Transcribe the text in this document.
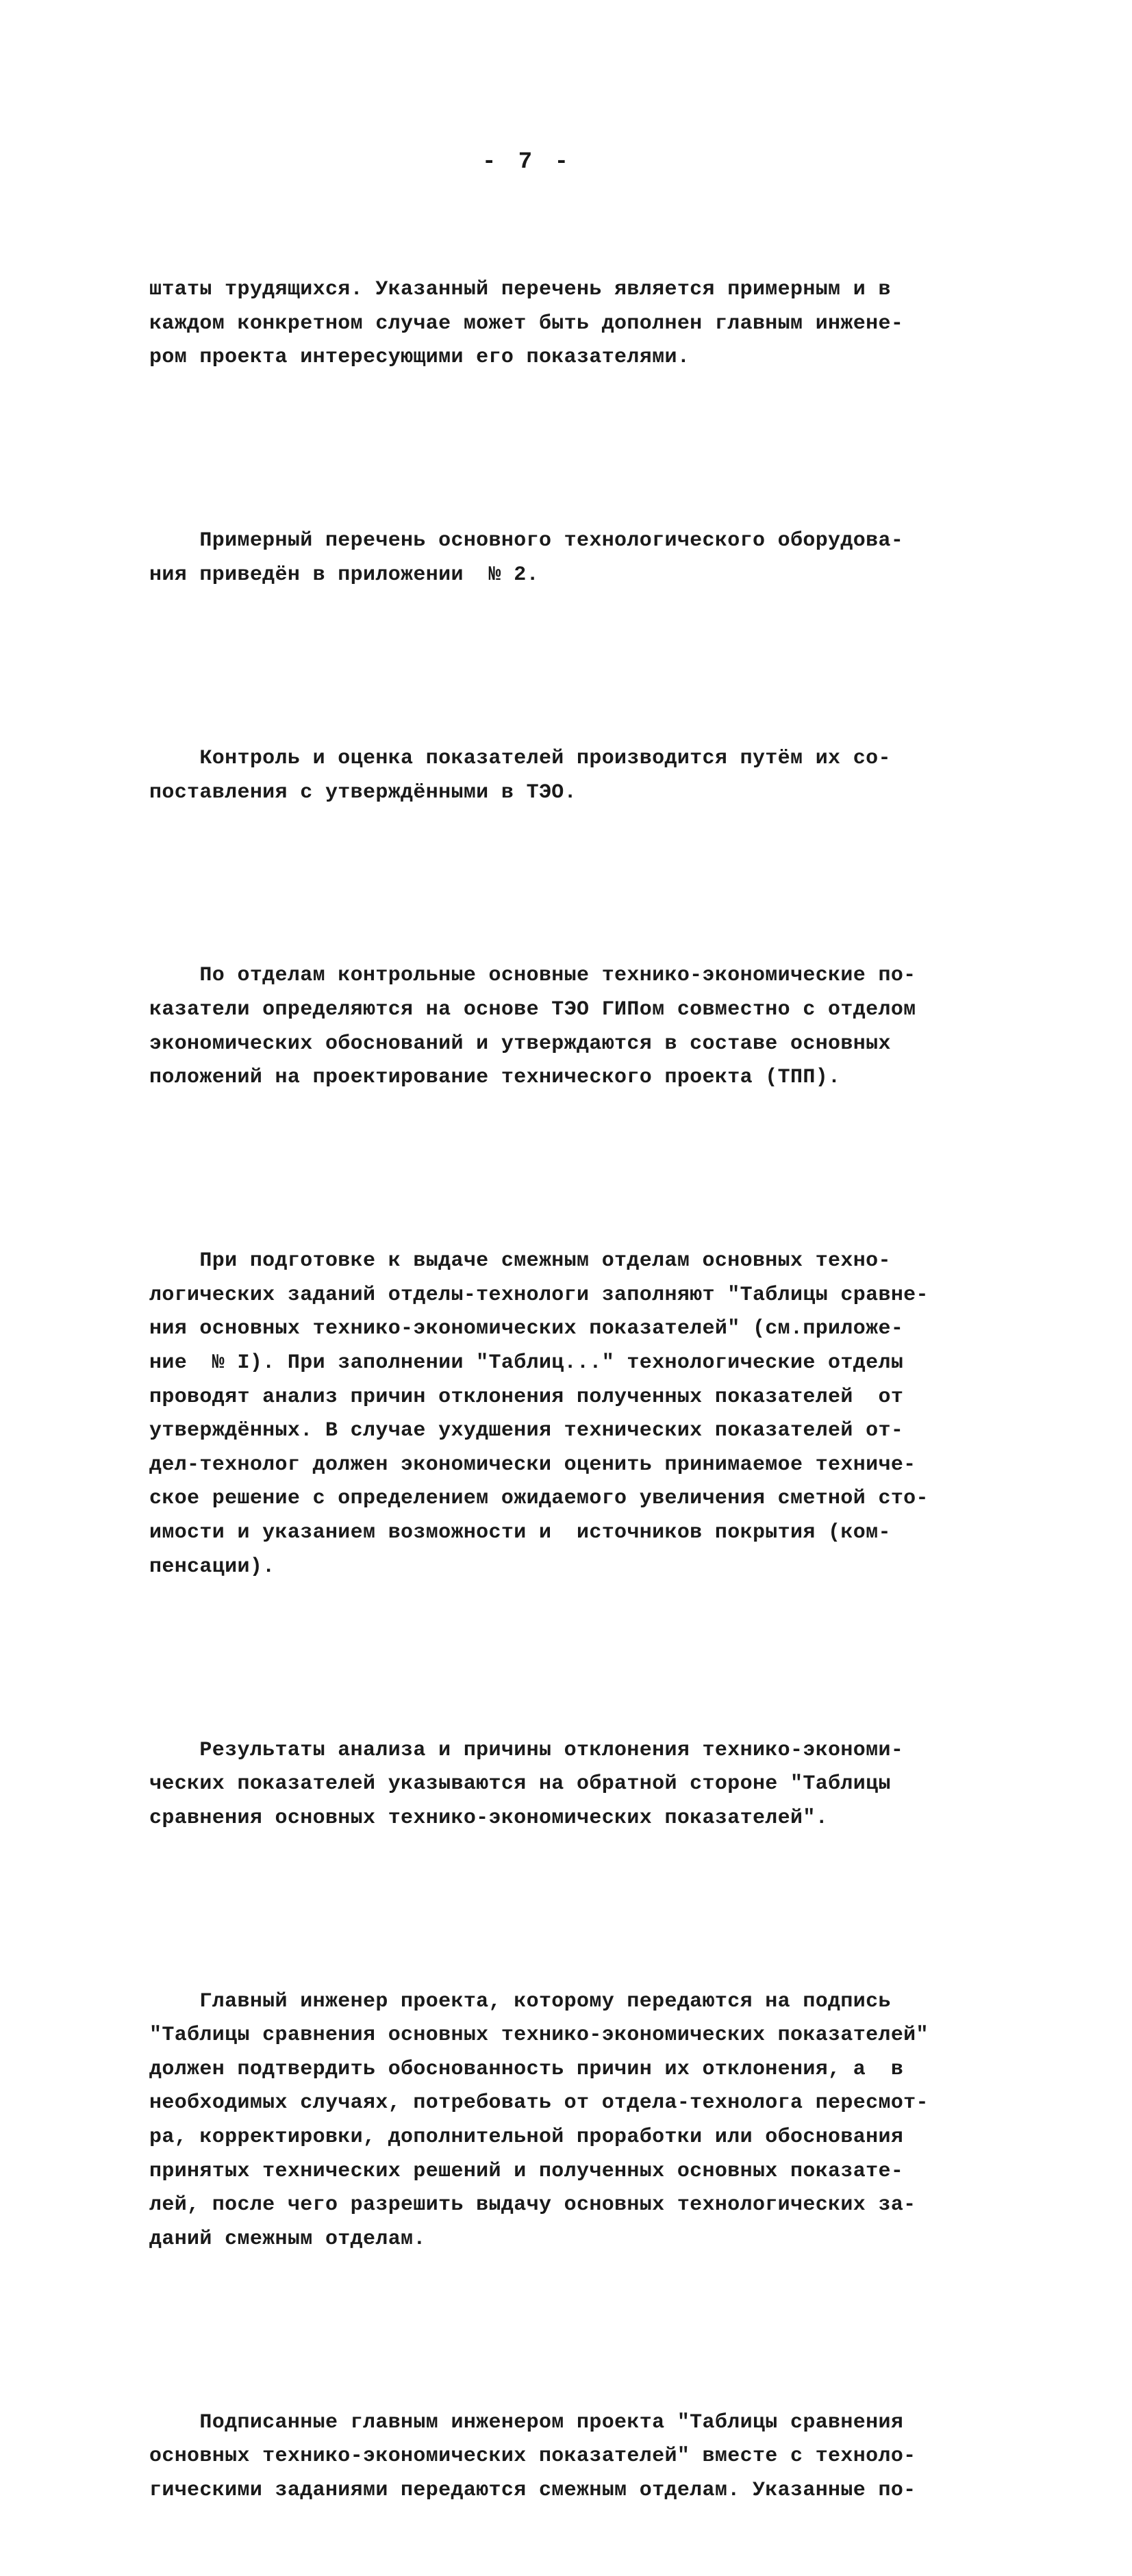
- 7 -

штаты трудящихся. Указанный перечень является примерным и в
каждом конкретном случае может быть дополнен главным инжене-
ром проекта интересующими его показателями.

Примерный перечень основного технологического оборудова-
ния приведён в приложении  № 2.

Контроль и оценка показателей производится путём их со-
поставления с утверждёнными в ТЭО.

По отделам контрольные основные технико-экономические по-
казатели определяются на основе ТЭО ГИПом совместно с отделом
экономических обоснований и утверждаются в составе основных
положений на проектирование технического проекта (ТПП).

При подготовке к выдаче смежным отделам основных техно-
логических заданий отделы-технологи заполняют "Таблицы сравне-
ния основных технико-экономических показателей" (см.приложе-
ние  № I). При заполнении "Таблиц..." технологические отделы
проводят анализ причин отклонения полученных показателей  от
утверждённых. В случае ухудшения технических показателей от-
дел-технолог должен экономически оценить принимаемое техниче-
ское решение с определением ожидаемого увеличения сметной сто-
имости и указанием возможности и  источников покрытия (ком-
пенсации).

Результаты анализа и причины отклонения технико-экономи-
ческих показателей указываются на обратной стороне "Таблицы
сравнения основных технико-экономических показателей".

Главный инженер проекта, которому передаются на подпись
"Таблицы сравнения основных технико-экономических показателей"
должен подтвердить обоснованность причин их отклонения, а  в
необходимых случаях, потребовать от отдела-технолога пересмот-
ра, корректировки, дополнительной проработки или обоснования
принятых технических решений и полученных основных показате-
лей, после чего разрешить выдачу основных технологических за-
даний смежным отделам.

Подписанные главным инженером проекта "Таблицы сравнения
основных технико-экономических показателей" вместе с техноло-
гическими заданиями передаются смежным отделам. Указанные по-
